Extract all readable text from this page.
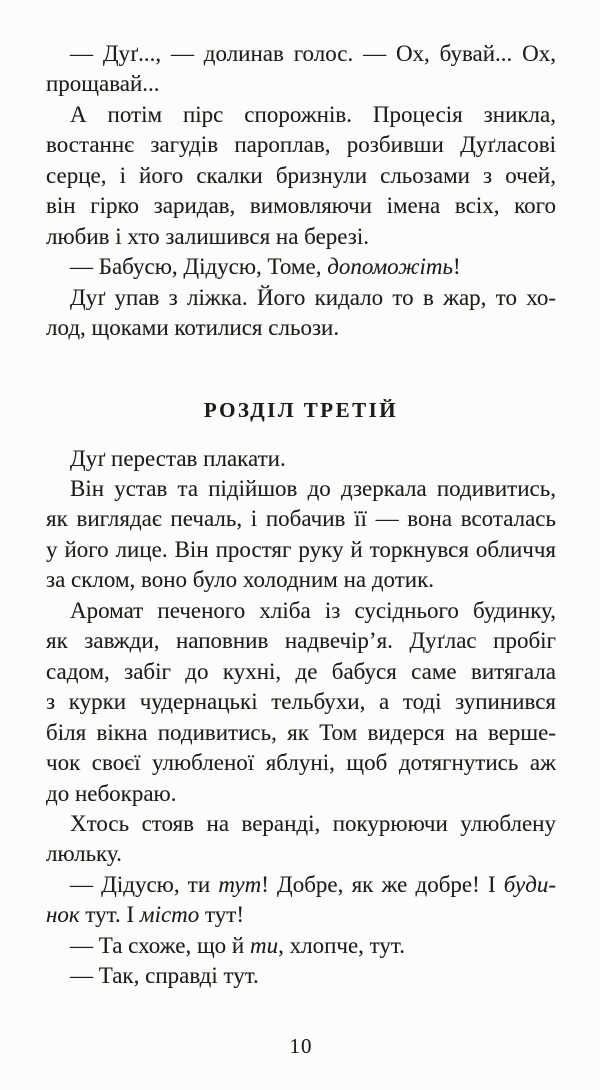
— Дуґ..., — долинав голос. — Ох, бувай... Ох,
прощавай...
А потім пірс спорожнів. Процесія зникла,
востаннє загудів пароплав, розбивши Дуґласові
серце, і його скалки бризнули сльозами з очей,
він гірко заридав, вимовляючи імена всіх, кого
любив і хто залишився на березі.
— Бабусю, Дідусю, Томе, допоможіть!
Дуґ упав з ліжка. Його кидало то в жар, то хо-
лод, щоками котилися сльози.
РОЗДІЛ ТРЕТІЙ
Дуґ перестав плакати.
Він устав та підійшов до дзеркала подивитись,
як виглядає печаль, і побачив її — вона всоталась
у його лице. Він простяг руку й торкнувся обличчя
за склом, воно було холодним на дотик.
Аромат печеного хліба із сусіднього будинку,
як завжди, наповнив надвечір’я. Дуґлас пробіг
садом, забіг до кухні, де бабуся саме витягала
з курки чудернацькі тельбухи, а тоді зупинився
біля вікна подивитись, як Том видерся на верше-
чок своєї улюбленої яблуні, щоб дотягнутись аж
до небокраю.
Хтось стояв на веранді, покурюючи улюблену
люльку.
— Дідусю, ти тут! Добре, як же добре! І буди-
нок тут. І місто тут!
— Та схоже, що й ти, хлопче, тут.
— Так, справді тут.
10
